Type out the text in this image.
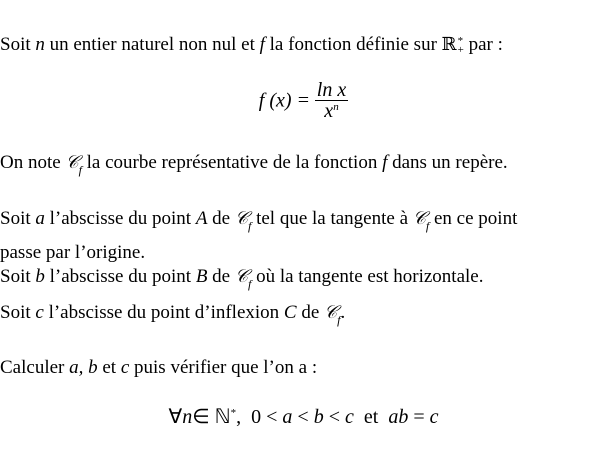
Soit n un entier naturel non nul et f la fonction définie sur ℝ *
+ par :
f $(x) = \frac{\text{ln x}}{x^n}$
On note 𝒞$_f$ la courbe représentative de la fonction f dans un repère.
Soit a l’abscisse du point A de 𝒞$_f$ tel que la tangente à 𝒞$_f$ en ce point
passe par l’origine.
Soit b l’abscisse du point B de 𝒞$_f$ où la tangente est horizontale.
Soit c l’abscisse du point d’inflexion C de 𝒞$_f$.
Calculer a, b et c puis vérifier que l’on a :
∀n∈ ℕ*,  0 < a < b < c  et  ab = c
